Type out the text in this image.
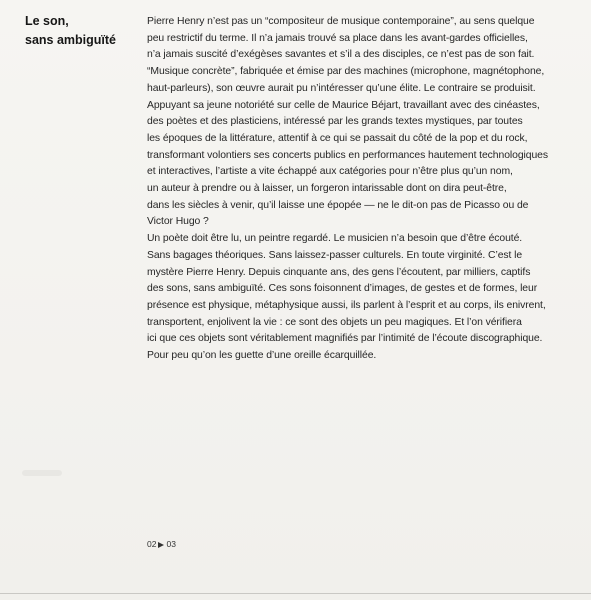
Le son,
sans ambiguïté
Pierre Henry n’est pas un “compositeur de musique contemporaine”, au sens quelque
peu restrictif du terme. Il n’a jamais trouvé sa place dans les avant-gardes officielles,
n’a jamais suscité d’exégèses savantes et s’il a des disciples, ce n’est pas de son fait.
“Musique concrète”, fabriquée et émise par des machines (microphone, magnétophone,
haut-parleurs), son œuvre aurait pu n’intéresser qu’une élite. Le contraire se produisit.
Appuyant sa jeune notoriété sur celle de Maurice Béjart, travaillant avec des cinéastes,
des poètes et des plasticiens, intéressé par les grands textes mystiques, par toutes
les époques de la littérature, attentif à ce qui se passait du côté de la pop et du rock,
transformant volontiers ses concerts publics en performances hautement technologiques
et interactives, l’artiste a vite échappé aux catégories pour n’être plus qu’un nom,
un auteur à prendre ou à laisser, un forgeron intarissable dont on dira peut-être,
dans les siècles à venir, qu’il laisse une épopée — ne le dit-on pas de Picasso ou de
Victor Hugo ?
Un poète doit être lu, un peintre regardé. Le musicien n’a besoin que d’être écouté.
Sans bagages théoriques. Sans laissez-passer culturels. En toute virginité. C’est le
mystère Pierre Henry. Depuis cinquante ans, des gens l’écoutent, par milliers, captifs
des sons, sans ambiguïté. Ces sons foisonnent d’images, de gestes et de formes, leur
présence est physique, métaphysique aussi, ils parlent à l’esprit et au corps, ils enivrent,
transportent, enjolivent la vie : ce sont des objets un peu magiques. Et l’on vérifiera
ici que ces objets sont véritablement magnifiés par l’intimité de l’écoute discographique.
Pour peu qu’on les guette d’une oreille écarquillée.
02 03
